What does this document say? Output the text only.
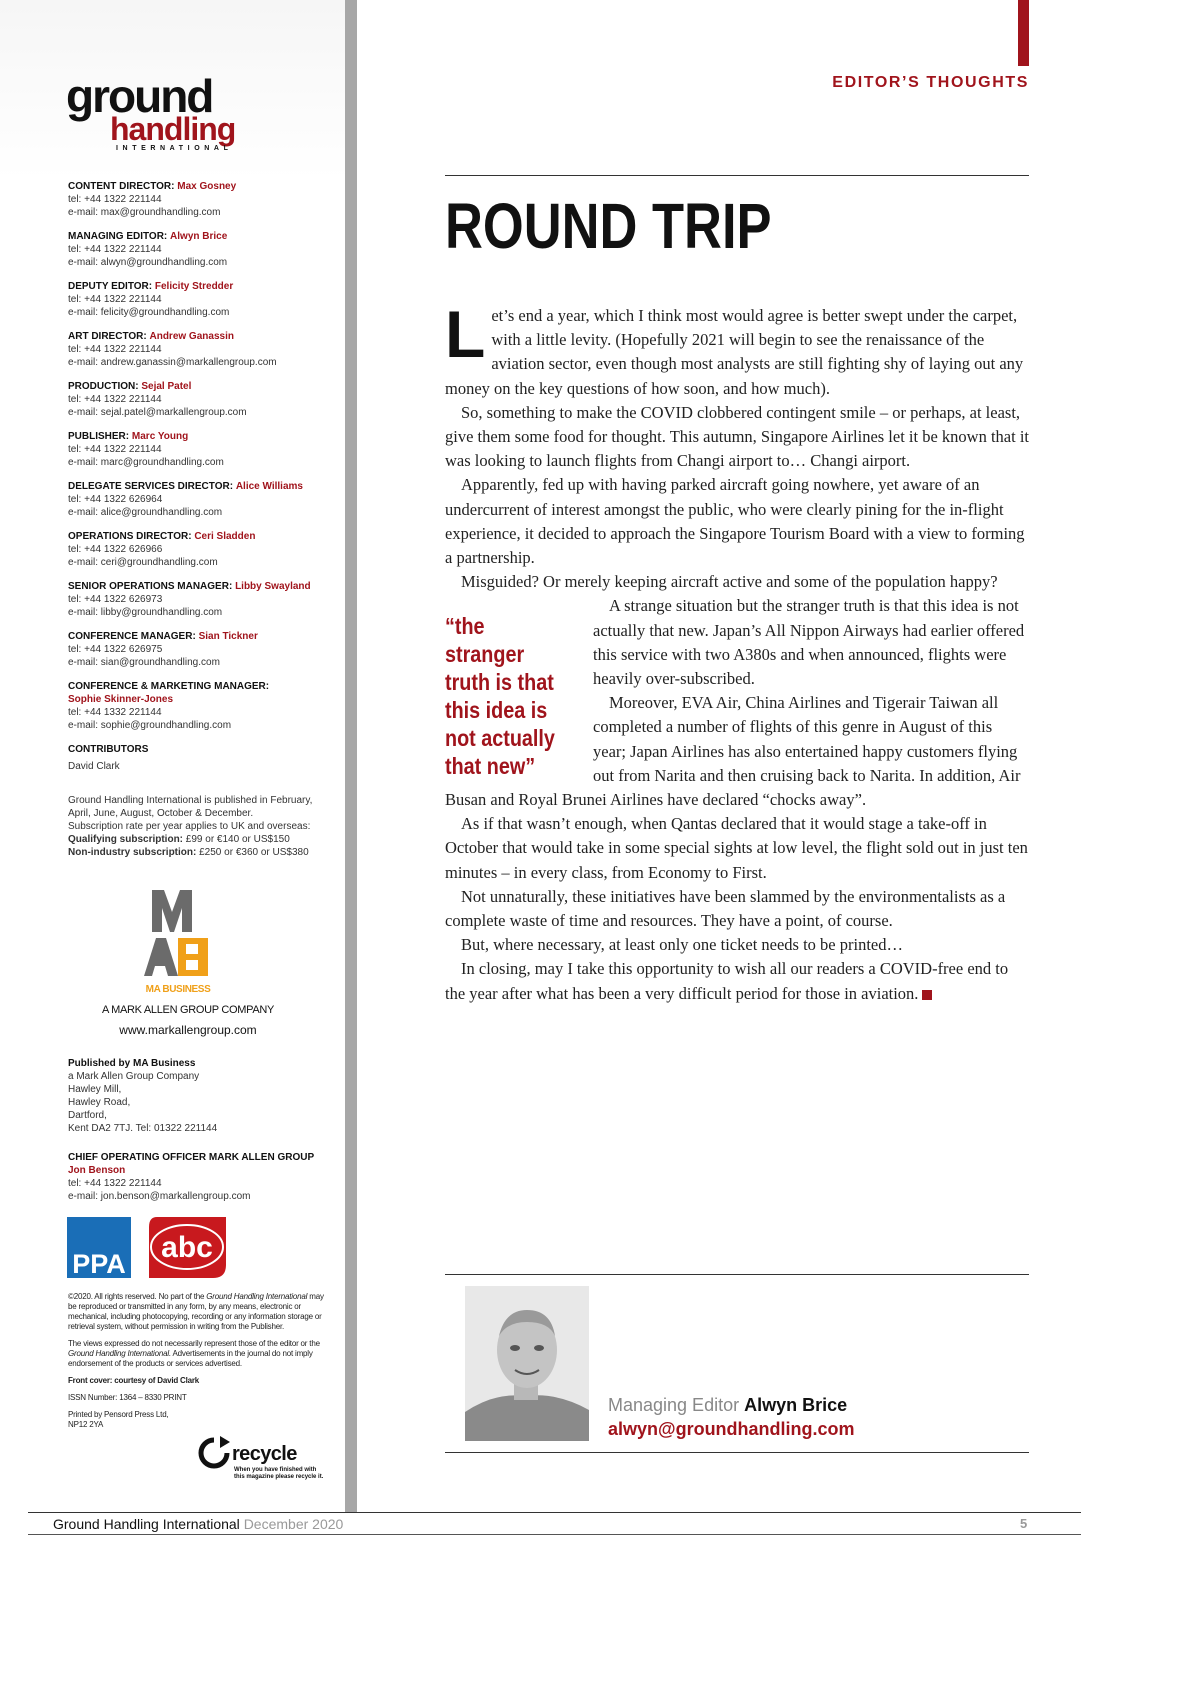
ground
handling
INTERNATIONAL
CONTENT DIRECTOR: Max Gosney
tel: +44 1322 221144
e-mail: max@groundhandling.com
MANAGING EDITOR: Alwyn Brice
tel: +44 1322 221144
e-mail: alwyn@groundhandling.com
DEPUTY EDITOR: Felicity Stredder
tel: +44 1322 221144
e-mail: felicity@groundhandling.com
ART DIRECTOR: Andrew Ganassin
tel: +44 1322 221144
e-mail: andrew.ganassin@markallengroup.com
PRODUCTION: Sejal Patel
tel: +44 1322 221144
e-mail: sejal.patel@markallengroup.com
PUBLISHER: Marc Young
tel: +44 1322 221144
e-mail: marc@groundhandling.com
DELEGATE SERVICES DIRECTOR: Alice Williams
tel: +44 1322 626964
e-mail: alice@groundhandling.com
OPERATIONS DIRECTOR: Ceri Sladden
tel: +44 1322 626966
e-mail: ceri@groundhandling.com
SENIOR OPERATIONS MANAGER: Libby Swayland
tel: +44 1322 626973
e-mail: libby@groundhandling.com
CONFERENCE MANAGER: Sian Tickner
tel: +44 1322 626975
e-mail: sian@groundhandling.com
CONFERENCE & MARKETING MANAGER:
Sophie Skinner-Jones
tel: +44 1332 221144
e-mail: sophie@groundhandling.com
CONTRIBUTORS
David Clark
Ground Handling International is published in February,
April, June, August, October & December.
Subscription rate per year applies to UK and overseas:
Qualifying subscription: £99 or €140 or US$150
Non-industry subscription: £250 or €360 or US$380
MA BUSINESS
A MARK ALLEN GROUP COMPANY
www.markallengroup.com
Published by MA Business
a Mark Allen Group Company
Hawley Mill,
Hawley Road,
Dartford,
Kent DA2 7TJ. Tel: 01322 221144
CHIEF OPERATING OFFICER MARK ALLEN GROUP
Jon Benson
tel: +44 1322 221144
e-mail: jon.benson@markallengroup.com
PPA abc

©2020. All rights reserved. No part of the Ground Handling International may be reproduced or transmitted in any form, by any means, electronic or mechanical, including photocopying, recording or any information storage or retrieval system, without permission in writing from the Publisher.

The views expressed do not necessarily represent those of the editor or the Ground Handling International. Advertisements in the journal do not imply endorsement of the products or services advertised.

Front cover: courtesy of David Clark

ISSN Number: 1364 – 8330 PRINT

Printed by Pensord Press Ltd,
NP12 2YA
recycle
When you have finished with
this magazine please recycle it.
EDITOR’S THOUGHTS
ROUND TRIP

Let’s end a year, which I think most would agree is better swept under the carpet, with a little levity. (Hopefully 2021 will begin to see the renaissance of the aviation sector, even though most analysts are still fighting shy of laying out any money on the key questions of how soon, and how much).

So, something to make the COVID clobbered contingent smile – or perhaps, at least, give them some food for thought. This autumn, Singapore Airlines let it be known that it was looking to launch flights from Changi airport to… Changi airport.

Apparently, fed up with having parked aircraft going nowhere, yet aware of an undercurrent of interest amongst the public, who were clearly pining for the in-flight experience, it decided to approach the Singapore Tourism Board with a view to forming a partnership.

Misguided? Or merely keeping aircraft active and some of the population happy?

“the stranger truth is that this idea is not actually that new”

A strange situation but the stranger truth is that this idea is not actually that new. Japan’s All Nippon Airways had earlier offered this service with two A380s and when announced, flights were heavily over-subscribed.

Moreover, EVA Air, China Airlines and Tigerair Taiwan all completed a number of flights of this genre in August of this year; Japan Airlines has also entertained happy customers flying out from Narita and then cruising back to Narita. In addition, Air Busan and Royal Brunei Airlines have declared “chocks away”.

As if that wasn’t enough, when Qantas declared that it would stage a take-off in October that would take in some special sights at low level, the flight sold out in just ten minutes – in every class, from Economy to First.

Not unnaturally, these initiatives have been slammed by the environmentalists as a complete waste of time and resources. They have a point, of course.

But, where necessary, at least only one ticket needs to be printed…

In closing, may I take this opportunity to wish all our readers a COVID-free end to the year after what has been a very difficult period for those in aviation.

Managing Editor Alwyn Brice
alwyn@groundhandling.com
Ground Handling International December 2020	5
